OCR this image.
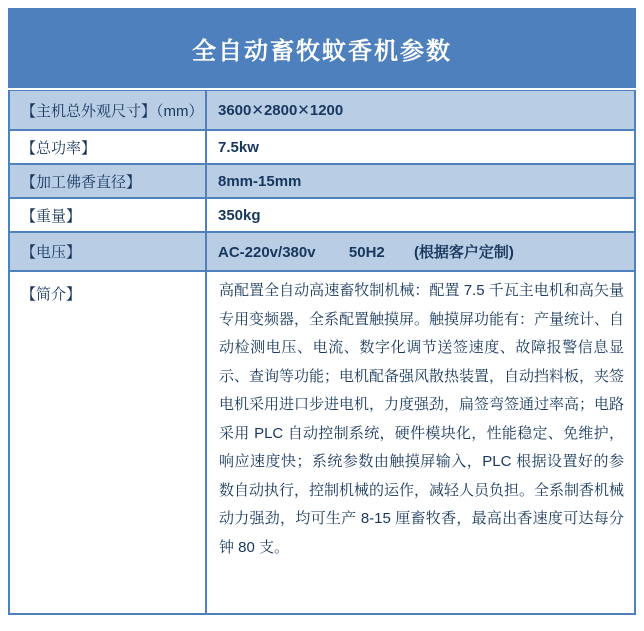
全自动畜牧蚊香机参数
【主机总外观尺寸】（mm） 3600✕2800✕1200
【总功率】	7.5kw
【加工佛香直径】	8mm-15mm
【重量】	350kg
【电压】	AC-220v/380v        50H2       (根据客户定制)
【简介】	高配置全自动高速畜牧制机械：配置 7.5 千瓦主电机和高矢量专用变频器，全系配置触摸屏。触摸屏功能有：产量统计、自动检测电压、电流、数字化调节送签速度、故障报警信息显示、查询等功能；电机配备强风散热装置，自动挡料板，夹签电机采用进口步进电机，力度强劲，扁签弯签通过率高；电路采用 PLC 自动控制系统，硬件模块化，性能稳定、免维护，响应速度快；系统参数由触摸屏输入，PLC 根据设置好的参数自动执行，控制机械的运作，减轻人员负担。全系制香机械动力强劲，均可生产 8-15 厘畜牧香，最高出香速度可达每分钟 80 支。
